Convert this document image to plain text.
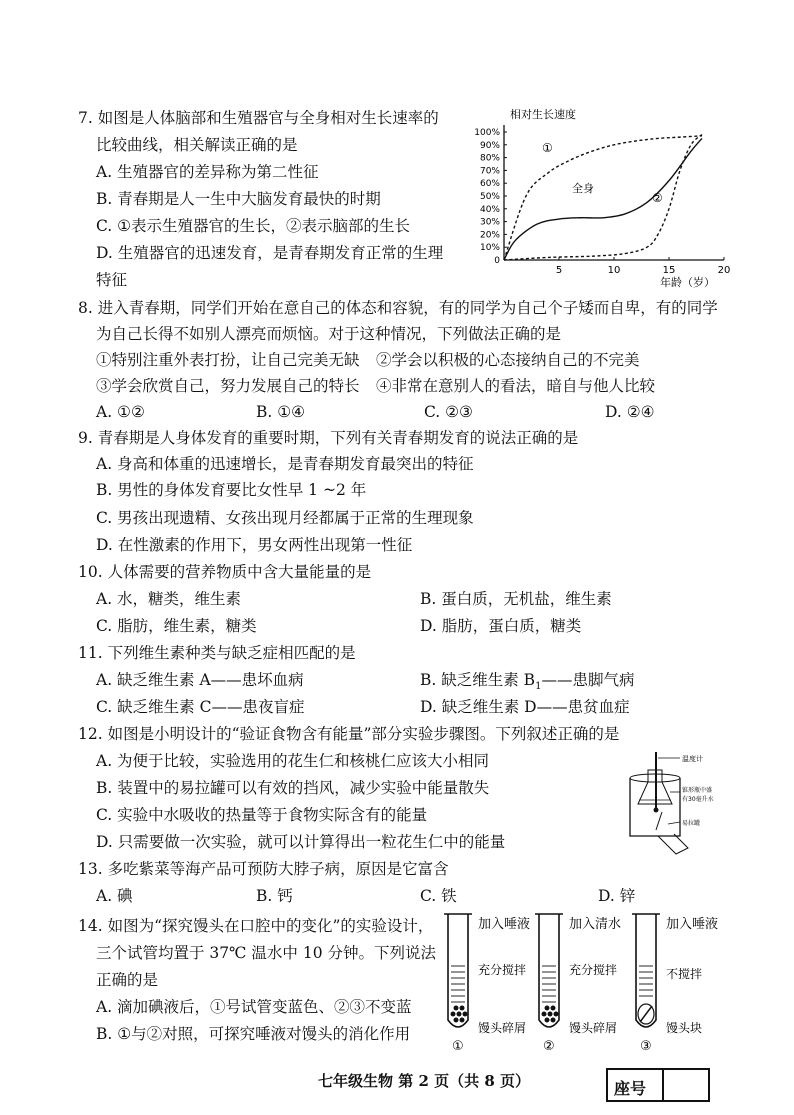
7. 如图是人体脑部和生殖器官与全身相对生长速率的
比较曲线，相关解读正确的是
A. 生殖器官的差异称为第二性征
B. 青春期是人一生中大脑发育最快的时期
C. ①表示生殖器官的生长，②表示脑部的生长
D. 生殖器官的迅速发育，是青春期发育正常的生理
特征
相对生长速度
年龄（岁）
0
10%
20%
30%
40%
50%
60%
70%
80%
90%
100%
5	10	15	20
①
全身
②
8. 进入青春期，同学们开始在意自己的体态和容貌，有的同学为自己个子矮而自卑，有的同学
为自己长得不如别人漂亮而烦恼。对于这种情况，下列做法正确的是
①特别注重外表打扮，让自己完美无缺 ②学会以积极的心态接纳自己的不完美
③学会欣赏自己，努力发展自己的特长 ④非常在意别人的看法，暗自与他人比较
A. ①②	B. ①④	C. ②③	D. ②④
9. 青春期是人身体发育的重要时期，下列有关青春期发育的说法正确的是
A. 身高和体重的迅速增长，是青春期发育最突出的特征
B. 男性的身体发育要比女性早 1 ~2 年
C. 男孩出现遗精、女孩出现月经都属于正常的生理现象
D. 在性激素的作用下，男女两性出现第一性征
10. 人体需要的营养物质中含大量能量的是
A. 水，糖类，维生素	B. 蛋白质，无机盐，维生素
C. 脂肪，维生素，糖类	D. 脂肪，蛋白质，糖类
11. 下列维生素种类与缺乏症相匹配的是
A. 缺乏维生素 A——患坏血病	B. 缺乏维生素 $B_1——$患脚气病
C. 缺乏维生素 C——患夜盲症	D. 缺乏维生素 D——患贫血症
12. 如图是小明设计的“验证食物含有能量”部分实验步骤图。下列叙述正确的是
A. 为便于比较，实验选用的花生仁和核桃仁应该大小相同
B. 装置中的易拉罐可以有效的挡风，减少实验中能量散失
C. 实验中水吸收的热量等于食物实际含有的能量
D. 只需要做一次实验，就可以计算得出一粒花生仁中的能量
温度计
锥形瓶中盛
有30毫升水
易拉罐
13. 多吃紫菜等海产品可预防大脖子病，原因是它富含
A. 碘	B. 钙	C. 铁	D. 锌
14. 如图为“探究馒头在口腔中的变化”的实验设计，
三个试管均置于 37℃ 温水中 10 分钟。下列说法
正确的是
A. 滴加碘液后，①号试管变蓝色、②③不变蓝
B. ①与②对照，可探究唾液对馒头的消化作用
加入唾液
充分搅拌
馒头碎屑
①
加入清水
充分搅拌
馒头碎屑
②
加入唾液
不搅拌
馒头块
③
七年级生物 第 2 页（共 8 页）	座号
